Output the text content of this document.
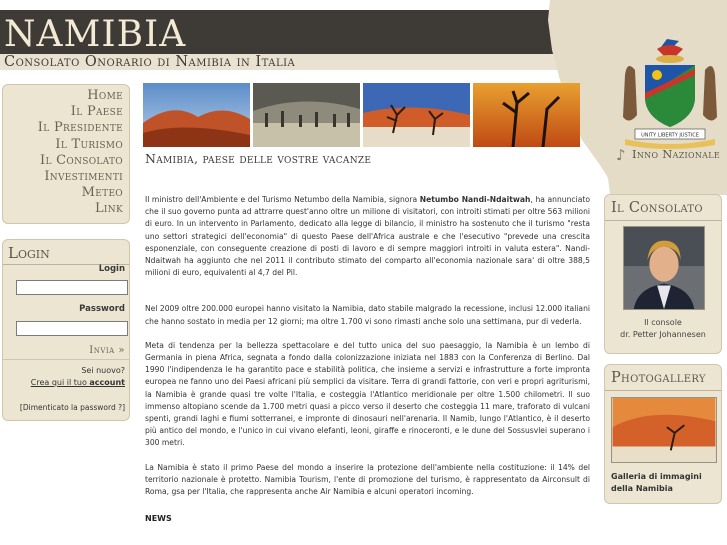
NAMIBIA
Consolato Onorario di Namibia in Italia
Home
Il Paese
Il Presidente
Il Turismo
Il Consolato
Investimenti
Meteo
Link
Login
Login
Password
Invia »
Sei nuovo?
Crea qui il tuo account
[Dimenticato la password ?]
Namibia, paese delle vostre vacanze
UNITY LIBERTY JUSTICE
♪ Inno Nazionale

Il ministro dell'Ambiente e del Turismo Netumbo della Namibia, signora Netumbo Nandi-Ndaitwah, ha annunciato che il suo governo punta ad attrarre quest'anno oltre un milione di visitatori, con introiti stimati per oltre 563 milioni di euro. In un intervento in Parlamento, dedicato alla legge di bilancio, il ministro ha sostenuto che il turismo "resta uno settori strategici dell'economia" di questo Paese dell'Africa australe e che l'esecutivo "prevede una crescita esponenziale, con conseguente creazione di posti di lavoro e di sempre maggiori introiti in valuta estera". Nandi-Ndaitwah ha aggiunto che nel 2011 il contributo stimato del comparto all'economia nazionale sara' di oltre 388,5 milioni di euro, equivalenti al 4,7 del Pil.

Nel 2009 oltre 200.000 europei hanno visitato la Namibia, dato stabile malgrado la recessione, inclusi 12.000 italiani che hanno sostato in media per 12 giorni; ma oltre 1.700 vi sono rimasti anche solo una settimana, pur di vederla.

Meta di tendenza per la bellezza spettacolare e del tutto unica del suo paesaggio, la Namibia è un lembo di Germania in piena Africa, segnata a fondo dalla colonizzazione iniziata nel 1883 con la Conferenza di Berlino. Dal 1990 l'indipendenza le ha garantito pace e stabilità politica, che insieme a servizi e infrastrutture a forte impronta europea ne fanno uno dei Paesi africani più semplici da visitare. Terra di grandi fattorie, con veri e propri agriturismi, la Namibia è grande quasi tre volte l'Italia, e costeggia l'Atlantico meridionale per oltre 1.500 chilometri. Il suo immenso altopiano scende da 1.700 metri quasi a picco verso il deserto che costeggia 11 mare, traforato di vulcani spenti, grandi laghi e fiumi sotterranei, e impronte di dinosauri nell'arenaria. Il Namib, lungo l'Atlantico, è il deserto più antico del mondo, e l'unico in cui vivano elefanti, leoni, giraffe e rinoceronti, e le dune del Sossusvlei superano i 300 metri.

La Namibia è stato il primo Paese del mondo a inserire la protezione dell'ambiente nella costituzione: il 14% del territorio nazionale è protetto. Namibia Tourism, l'ente di promozione del turismo, è rappresentato da Airconsult di Roma, gsa per l'Italia, che rappresenta anche Air Namibia e alcuni operatori incoming.

NEWS
Il Consolato
Il console
dr. Petter Johannesen
Photogallery
Galleria di immagini della Namibia
